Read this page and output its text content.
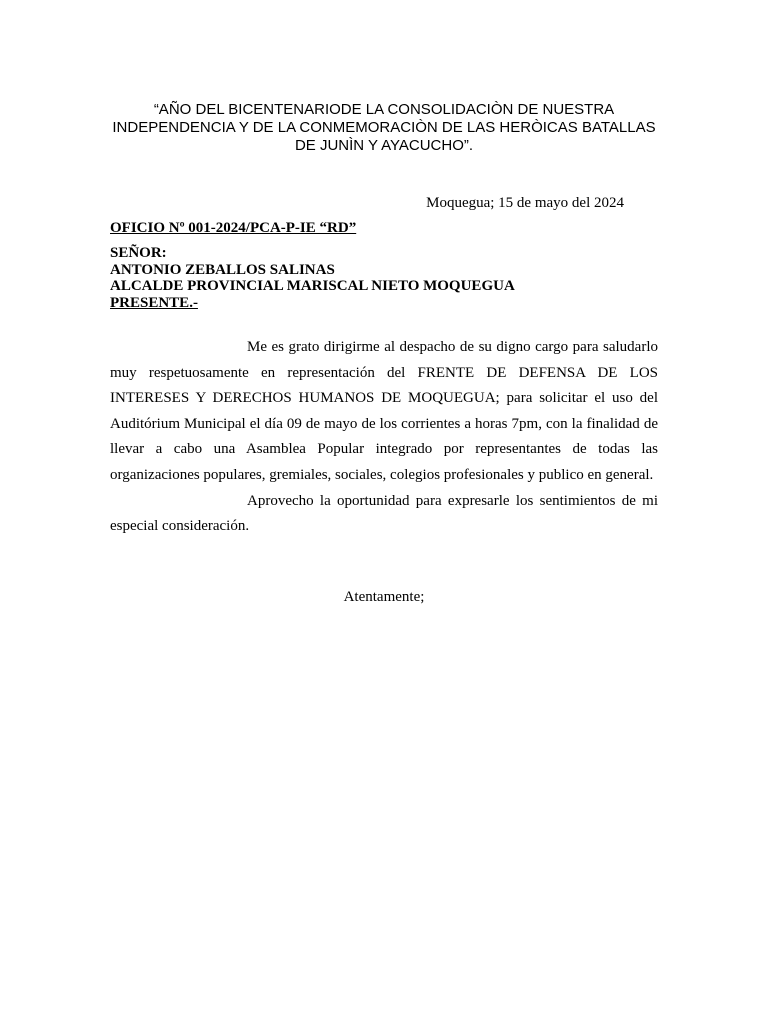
“AÑO DEL BICENTENARIODE LA CONSOLIDACIÒN DE NUESTRA INDEPENDENCIA Y DE LA CONMEMORACIÒN DE LAS HERÒICAS BATALLAS DE JUNÌN Y AYACUCHO”.

Moquegua; 15 de mayo del 2024

OFICIO Nº 001-2024/PCA-P-IE “RD”

SEÑOR:
ANTONIO ZEBALLOS SALINAS
ALCALDE PROVINCIAL MARISCAL NIETO MOQUEGUA
PRESENTE.-

Me es grato dirigirme al despacho de su digno cargo para saludarlo muy respetuosamente en representación del FRENTE DE DEFENSA DE LOS INTERESES Y DERECHOS HUMANOS DE MOQUEGUA; para solicitar el uso del Auditórium Municipal el día 09 de mayo de los corrientes a horas 7pm, con la finalidad de llevar a cabo una Asamblea Popular integrado por representantes de todas las organizaciones populares, gremiales, sociales, colegios profesionales y publico en general.

Aprovecho la oportunidad para expresarle los sentimientos de mi especial consideración.

Atentamente;
